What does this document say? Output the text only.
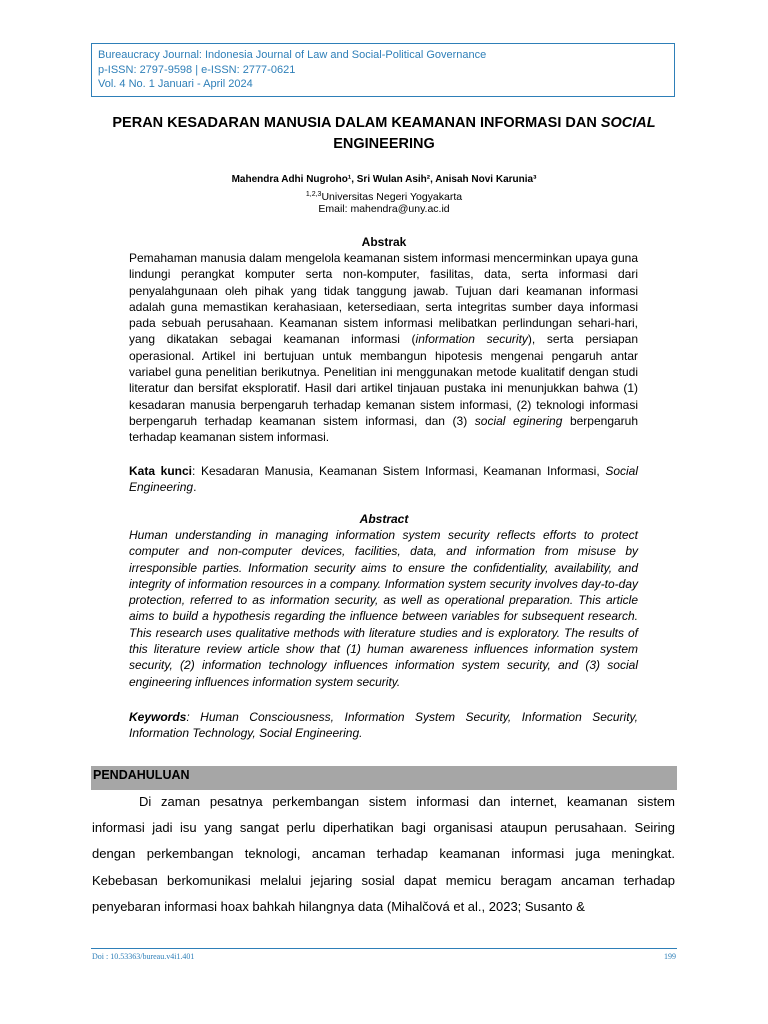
Bureaucracy Journal: Indonesia Journal of Law and Social-Political Governance
p-ISSN: 2797-9598 | e-ISSN: 2777-0621
Vol. 4 No. 1 Januari - April 2024
PERAN KESADARAN MANUSIA DALAM KEAMANAN INFORMASI DAN SOCIAL
ENGINEERING
Mahendra Adhi Nugroho¹, Sri Wulan Asih², Anisah Novi Karunia³
$^{1,2,3}$Universitas Negeri Yogyakarta
Email: mahendra@uny.ac.id
Abstrak
Pemahaman manusia dalam mengelola keamanan sistem informasi mencerminkan upaya guna lindungi perangkat komputer serta non-komputer, fasilitas, data, serta informasi dari penyalahgunaan oleh pihak yang tidak tanggung jawab. Tujuan dari keamanan informasi adalah guna memastikan kerahasiaan, ketersediaan, serta integritas sumber daya informasi pada sebuah perusahaan. Keamanan sistem informasi melibatkan perlindungan sehari-hari, yang dikatakan sebagai keamanan informasi (information security), serta persiapan operasional. Artikel ini bertujuan untuk membangun hipotesis mengenai pengaruh antar variabel guna penelitian berikutnya. Penelitian ini menggunakan metode kualitatif dengan studi literatur dan bersifat eksploratif. Hasil dari artikel tinjauan pustaka ini menunjukkan bahwa (1) kesadaran manusia berpengaruh terhadap kemanan sistem informasi, (2) teknologi informasi berpengaruh terhadap keamanan sistem informasi, dan (3) social eginering berpengaruh terhadap keamanan sistem informasi.
Kata kunci: Kesadaran Manusia, Keamanan Sistem Informasi, Keamanan Informasi, Social Engineering.
Abstract
Human understanding in managing information system security reflects efforts to protect computer and non-computer devices, facilities, data, and information from misuse by irresponsible parties. Information security aims to ensure the confidentiality, availability, and integrity of information resources in a company. Information system security involves day-to-day protection, referred to as information security, as well as operational preparation. This article aims to build a hypothesis regarding the influence between variables for subsequent research. This research uses qualitative methods with literature studies and is exploratory. The results of this literature review article show that (1) human awareness influences information system security, (2) information technology influences information system security, and (3) social engineering influences information system security.
Keywords: Human Consciousness, Information System Security, Information Security, Information Technology, Social Engineering.
PENDAHULUAN
Di zaman pesatnya perkembangan sistem informasi dan internet, keamanan sistem informasi jadi isu yang sangat perlu diperhatikan bagi organisasi ataupun perusahaan. Seiring dengan perkembangan teknologi, ancaman terhadap keamanan informasi juga meningkat. Kebebasan berkomunikasi melalui jejaring sosial dapat memicu beragam ancaman terhadap penyebaran informasi hoax bahkah hilangnya data (Mihalčová et al., 2023; Susanto &
Doi : 10.53363/bureau.v4i1.401	199
